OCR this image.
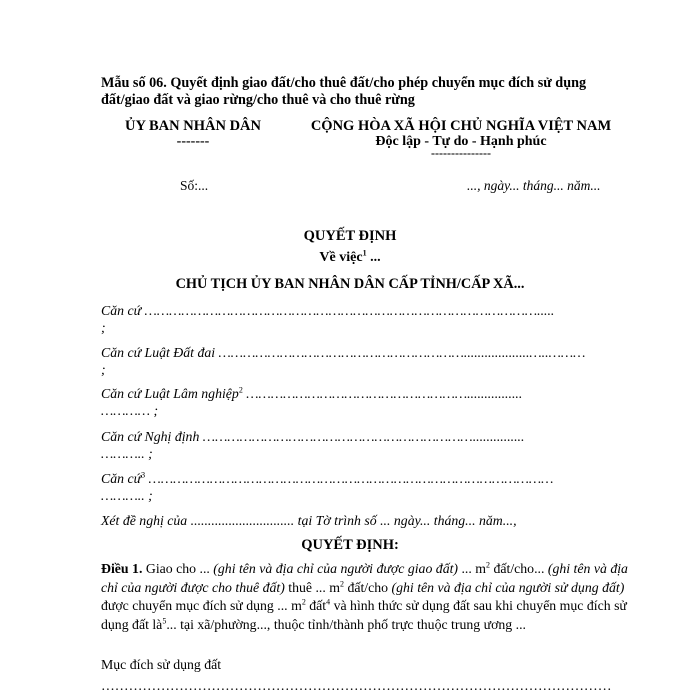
Mẫu số 06. Quyết định giao đất/cho thuê đất/cho phép chuyển mục đích sử dụng
đất/giao đất và giao rừng/cho thuê và cho thuê rừng
ỦY BAN NHÂN DÂN
-------
CỘNG HÒA XÃ HỘI CHỦ NGHĨA VIỆT NAM
Độc lập - Tự do - Hạnh phúc
---------------
Số:...	..., ngày... tháng... năm...
QUYẾT ĐỊNH
Về việc$^1$ ...
CHỦ TỊCH ỦY BAN NHÂN DÂN CẤP TỈNH/CẤP XÃ...
Căn cứ …………………………………………………………………………………….....
;
Căn cứ Luật Đất đai ……………………………………………………...................…..………
;
Căn cứ Luật Lâm nghiệp$^2$ ………………………………………………................
………… ;
Căn cứ Nghị định …………………………………………………………...............
……….. ;
Căn cứ$^3$ ………………………………………………………………………………………
……….. ;
Xét đề nghị của .............................. tại Tờ trình số ... ngày... tháng... năm...,
QUYẾT ĐỊNH:
Điều 1. Giao cho ... (ghi tên và địa chỉ của người được giao đất) ... $m^2$ đất/cho... (ghi tên và địa chỉ của người được cho thuê đất) thuê ... $m^2$ đất/cho (ghi tên và địa chỉ của người sử dụng đất) được chuyển mục đích sử dụng ... $m^2$ đất$^4$ và hình thức sử dụng đất sau khi chuyển mục đích sử dụng đất $là^5$... tại xã/phường..., thuộc tỉnh/thành phố trực thuộc trung ương ...
Mục đích sử dụng đất
…………………………………………………………………………………………………
